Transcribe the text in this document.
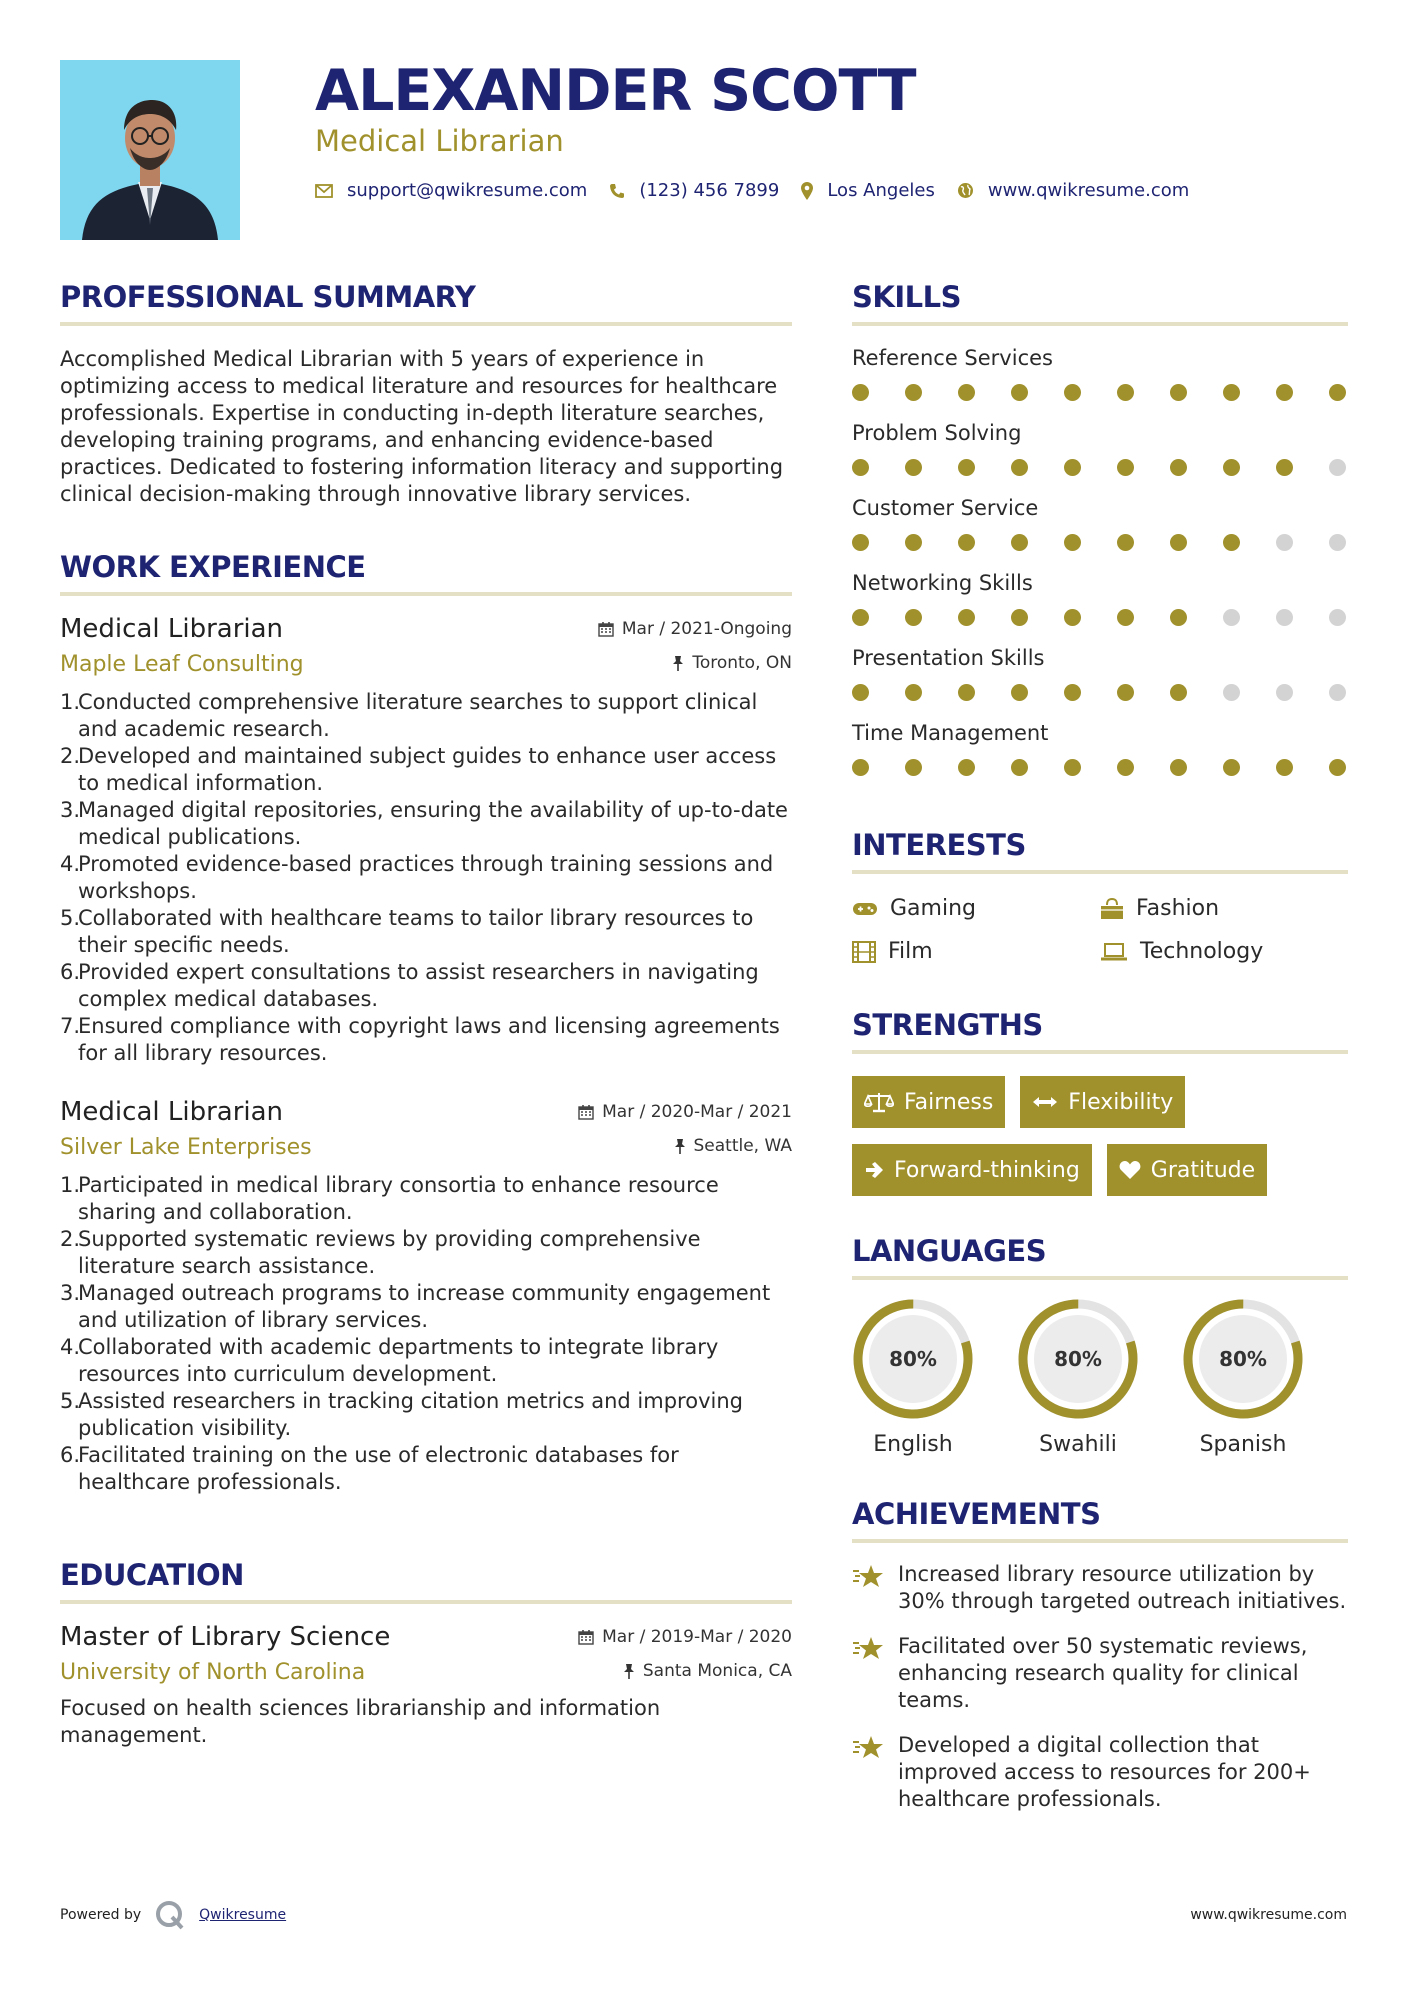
ALEXANDER SCOTT
Medical Librarian
support@qwikresume.com	(123) 456 7899	Los Angeles	www.qwikresume.com
PROFESSIONAL SUMMARY
Accomplished Medical Librarian with 5 years of experience in optimizing access to medical literature and resources for healthcare professionals. Expertise in conducting in-depth literature searches, developing training programs, and enhancing evidence-based practices. Dedicated to fostering information literacy and supporting clinical decision-making through innovative library services.
WORK EXPERIENCE
Medical Librarian	Mar / 2021-Ongoing
Maple Leaf Consulting	Toronto, ON
Conducted comprehensive literature searches to support clinical and academic research.
Developed and maintained subject guides to enhance user access to medical information.
Managed digital repositories, ensuring the availability of up-to-date medical publications.
Promoted evidence-based practices through training sessions and workshops.
Collaborated with healthcare teams to tailor library resources to their specific needs.
Provided expert consultations to assist researchers in navigating complex medical databases.
Ensured compliance with copyright laws and licensing agreements for all library resources.
Medical Librarian	Mar / 2020-Mar / 2021
Silver Lake Enterprises	Seattle, WA
Participated in medical library consortia to enhance resource sharing and collaboration.
Supported systematic reviews by providing comprehensive literature search assistance.
Managed outreach programs to increase community engagement and utilization of library services.
Collaborated with academic departments to integrate library resources into curriculum development.
Assisted researchers in tracking citation metrics and improving publication visibility.
Facilitated training on the use of electronic databases for healthcare professionals.
EDUCATION
Master of Library Science	Mar / 2019-Mar / 2020
University of North Carolina	Santa Monica, CA
Focused on health sciences librarianship and information management.
SKILLS
Reference Services
Problem Solving
Customer Service
Networking Skills
Presentation Skills
Time Management
INTERESTS
Gaming	Fashion
Film	Technology
STRENGTHS
Fairness	Flexibility
Forward-thinking	Gratitude
LANGUAGES
80%
English
80%
Swahili
80%
Spanish
ACHIEVEMENTS
Increased library resource utilization by 30% through targeted outreach initiatives.
Facilitated over 50 systematic reviews, enhancing research quality for clinical teams.
Developed a digital collection that improved access to resources for 200+ healthcare professionals.
Powered by	Qwikresume	www.qwikresume.com
